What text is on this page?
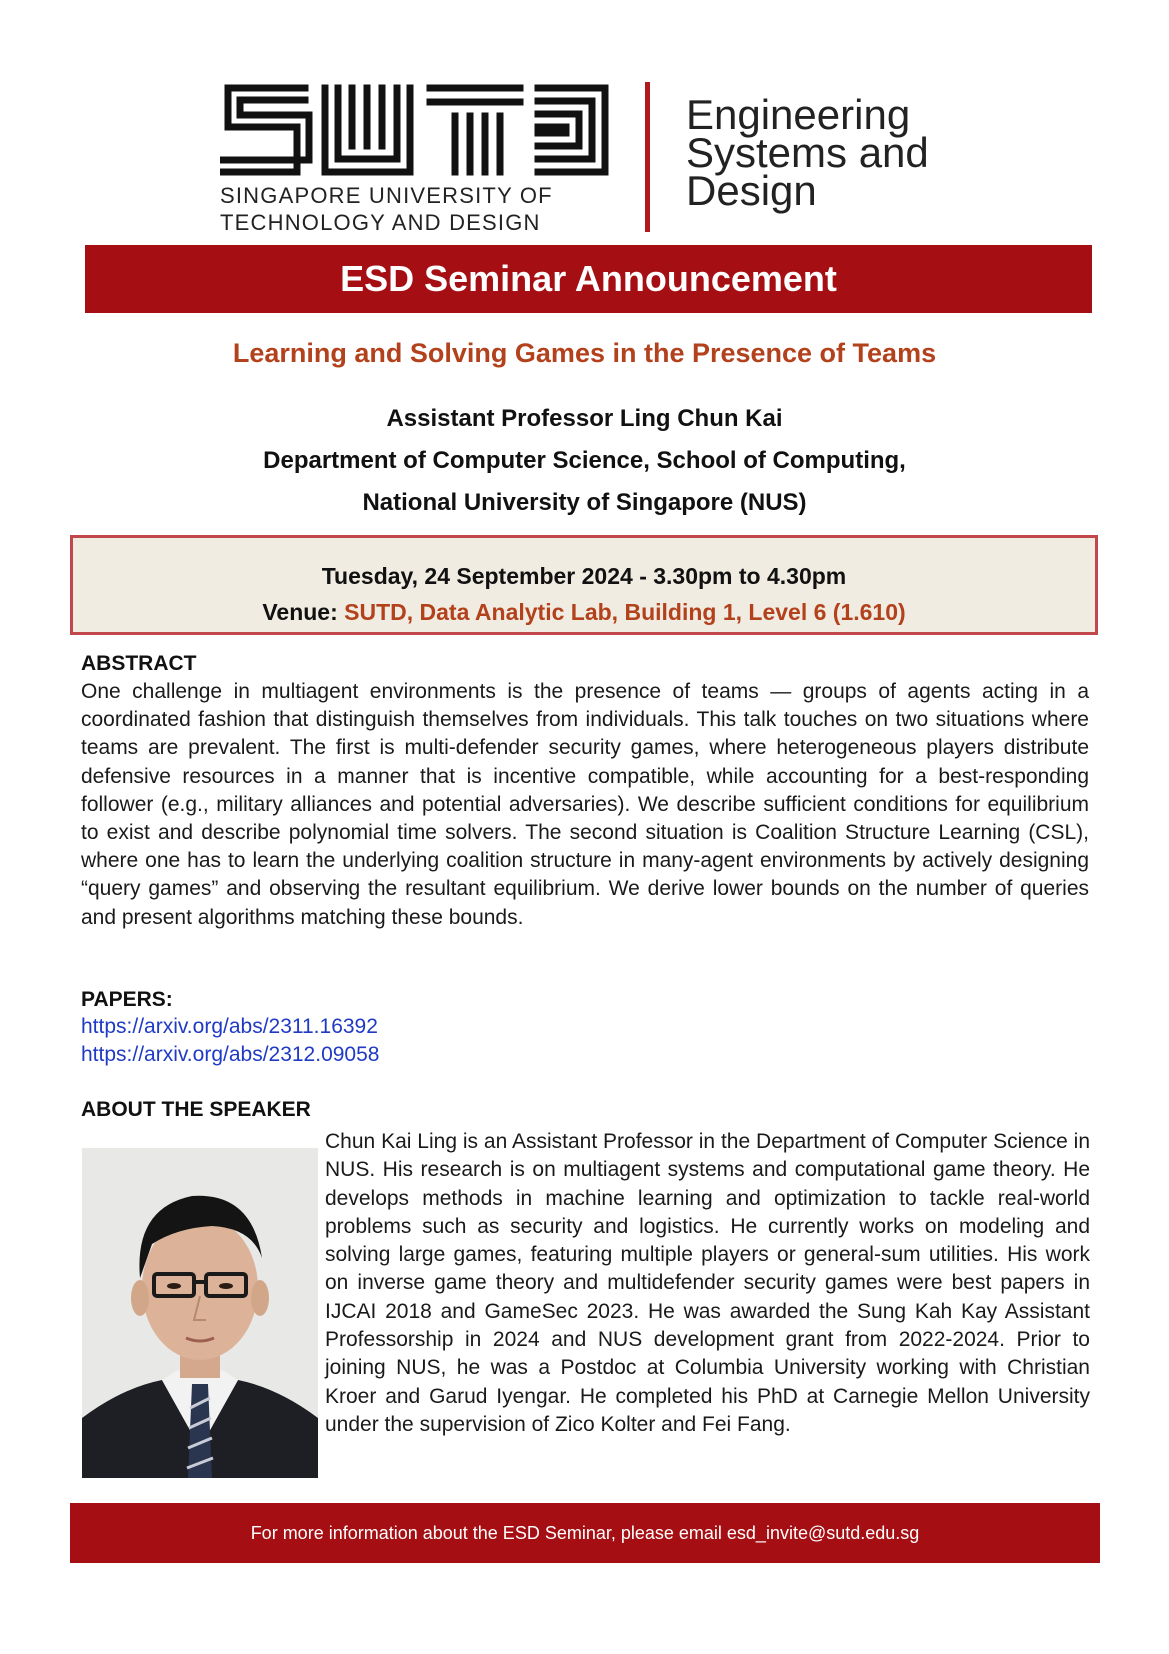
SINGAPORE UNIVERSITY OF
TECHNOLOGY AND DESIGN
Engineering
Systems and
Design
ESD Seminar Announcement
Learning and Solving Games in the Presence of Teams
Assistant Professor Ling Chun Kai
Department of Computer Science, School of Computing,
National University of Singapore (NUS)
Tuesday, 24 September 2024 - 3.30pm to 4.30pm
Venue: SUTD, Data Analytic Lab, Building 1, Level 6 (1.610)
ABSTRACT
One challenge in multiagent environments is the presence of teams — groups of agents acting in a coordinated fashion that distinguish themselves from individuals. This talk touches on two situations where teams are prevalent. The first is multi-defender security games, where heterogeneous players distribute defensive resources in a manner that is incentive compatible, while accounting for a best-responding follower (e.g., military alliances and potential adversaries). We describe sufficient conditions for equilibrium to exist and describe polynomial time solvers. The second situation is Coalition Structure Learning (CSL), where one has to learn the underlying coalition structure in many-agent environments by actively designing “query games” and observing the resultant equilibrium. We derive lower bounds on the number of queries and present algorithms matching these bounds.
PAPERS:
https://arxiv.org/abs/2311.16392
https://arxiv.org/abs/2312.09058
ABOUT THE SPEAKER
Chun Kai Ling is an Assistant Professor in the Department of Computer Science in NUS. His research is on multiagent systems and computational game theory. He develops methods in machine learning and optimization to tackle real-world problems such as security and logistics. He currently works on modeling and solving large games, featuring multiple players or general-sum utilities. His work on inverse game theory and multidefender security games were best papers in IJCAI 2018 and GameSec 2023. He was awarded the Sung Kah Kay Assistant Professorship in 2024 and NUS development grant from 2022-2024. Prior to joining NUS, he was a Postdoc at Columbia University working with Christian Kroer and Garud Iyengar. He completed his PhD at Carnegie Mellon University under the supervision of Zico Kolter and Fei Fang.
For more information about the ESD Seminar, please email esd_invite@sutd.edu.sg
